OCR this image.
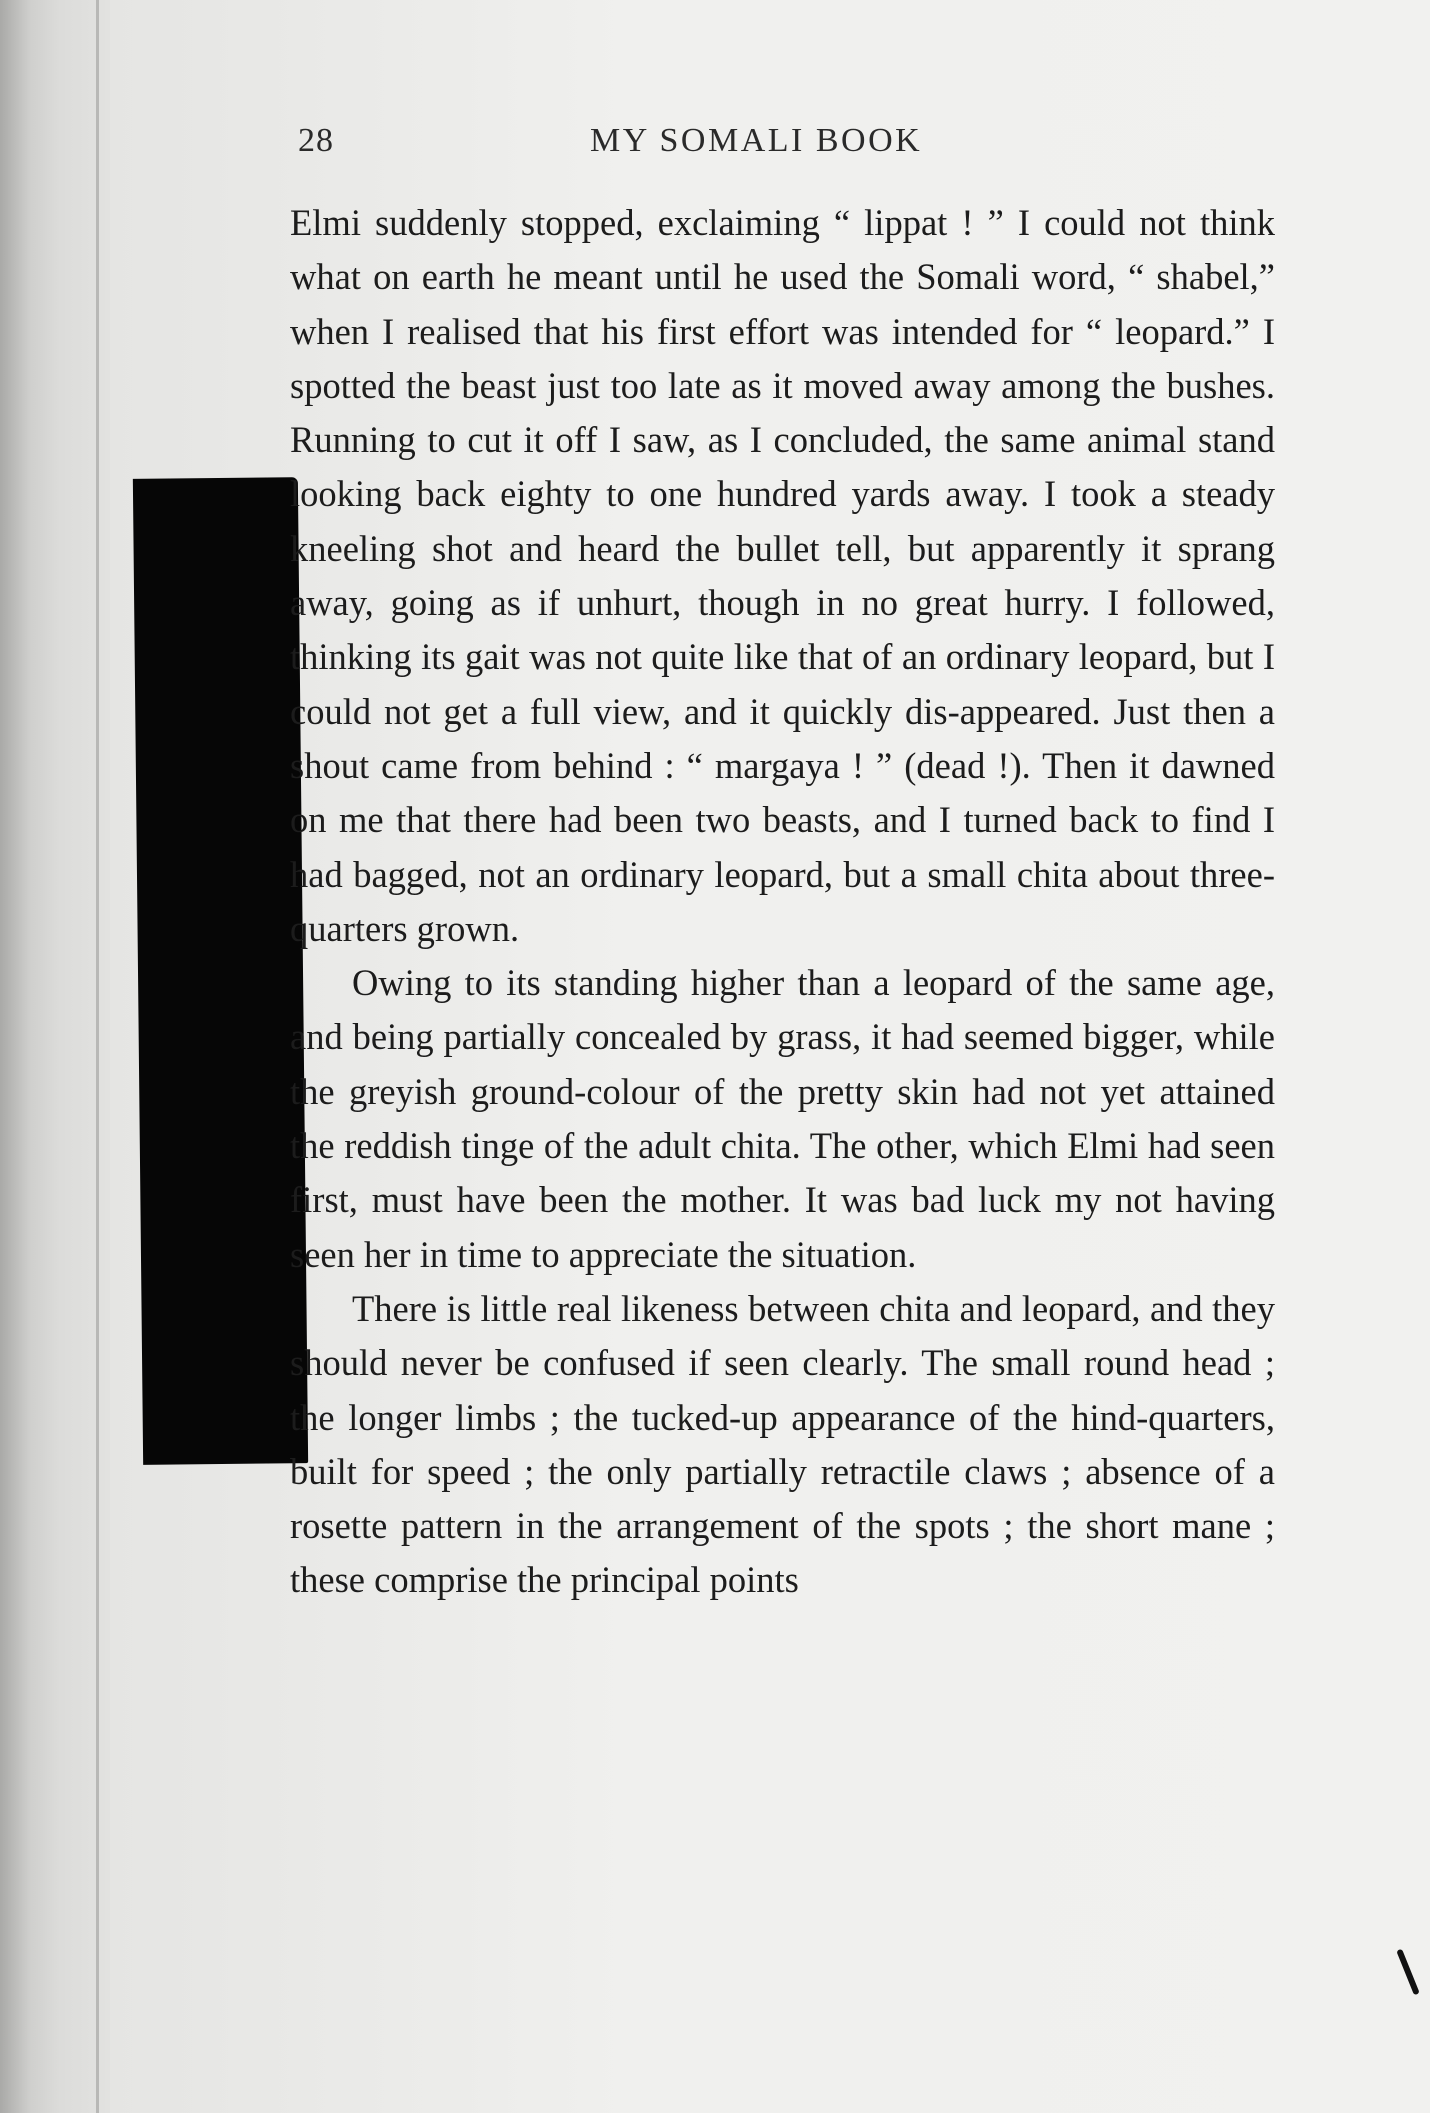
28	MY SOMALI BOOK

Elmi suddenly stopped, exclaiming “ lippat ! ” I could not think what on earth he meant until he used the Somali word, “ shabel,” when I realised that his first effort was intended for “ leopard.” I spotted the beast just too late as it moved away among the bushes. Running to cut it off I saw, as I concluded, the same animal stand looking back eighty to one hundred yards away. I took a steady kneeling shot and heard the bullet tell, but apparently it sprang away, going as if unhurt, though in no great hurry. I followed, thinking its gait was not quite like that of an ordinary leopard, but I could not get a full view, and it quickly dis-appeared. Just then a shout came from behind : “ margaya ! ” (dead !). Then it dawned on me that there had been two beasts, and I turned back to find I had bagged, not an ordinary leopard, but a small chita about three-quarters grown.

Owing to its standing higher than a leopard of the same age, and being partially concealed by grass, it had seemed bigger, while the greyish ground-colour of the pretty skin had not yet attained the reddish tinge of the adult chita. The other, which Elmi had seen first, must have been the mother. It was bad luck my not having seen her in time to appreciate the situation.

There is little real likeness between chita and leopard, and they should never be confused if seen clearly. The small round head ; the longer limbs ; the tucked-up appearance of the hind-quarters, built for speed ; the only partially retractile claws ; absence of a rosette pattern in the arrangement of the spots ; the short mane ; these comprise the principal points
